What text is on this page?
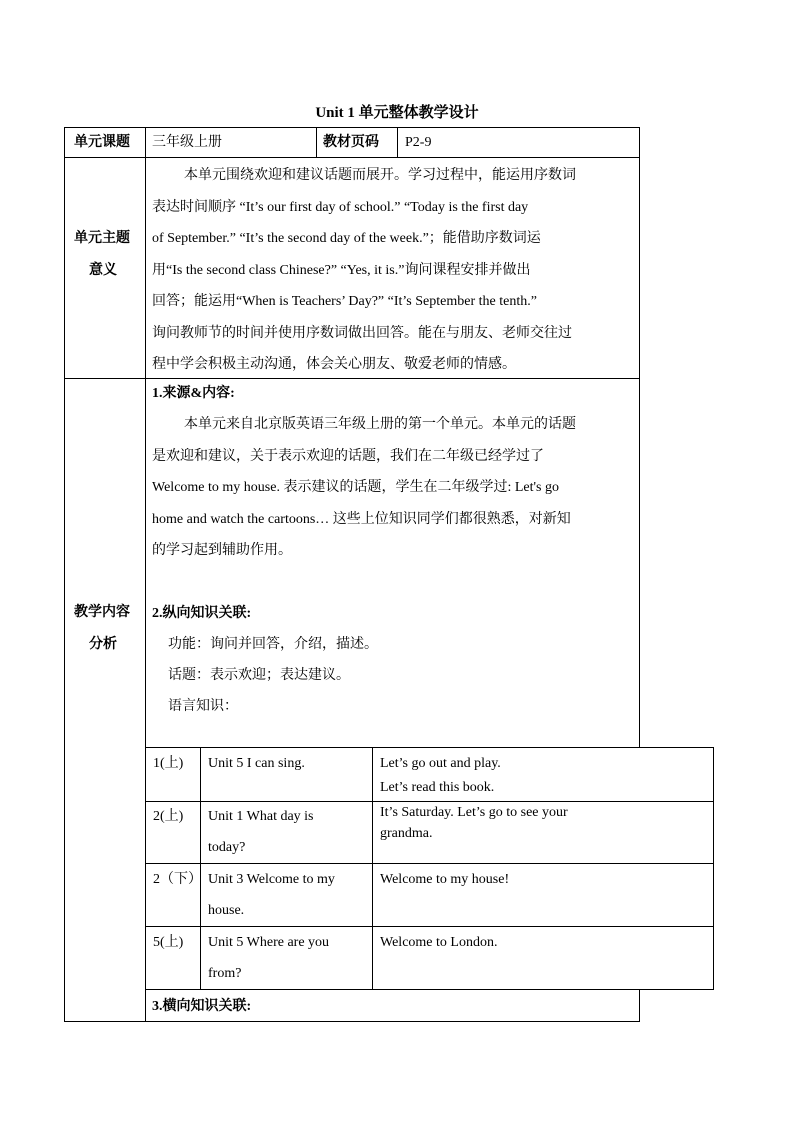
Unit 1 单元整体教学设计
单元课题 三年级上册	教材页码 P2-9
单元主题
意义

本单元围绕欢迎和建议话题而展开。学习过程中，能运用序数词

表达时间顺序 “It’s our first day of school.” “Today is the first day

of September.” “It’s the second day of the week.”；能借助序数词运

用“Is the second class Chinese?” “Yes, it is.”询问课程安排并做出

回答；能运用“When is Teachers’ Day?” “It’s September the tenth.”

询问教师节的时间并使用序数词做出回答。能在与朋友、老师交往过

程中学会积极主动沟通，体会关心朋友、敬爱老师的情感。

教学内容
分析
1.来源&内容:

本单元来自北京版英语三年级上册的第一个单元。本单元的话题

是欢迎和建议，关于表示欢迎的话题，我们在二年级已经学过了

Welcome to my house. 表示建议的话题，学生在二年级学过: Let's go

home and watch the cartoons… 这些上位知识同学们都很熟悉，对新知

的学习起到辅助作用。

2.纵向知识关联:
功能：询问并回答，介绍，描述。
话题：表示欢迎；表达建议。
语言知识：
1(上) Unit 5 I can sing.	Let’s go out and play.

Let’s read this book.

2(上) Unit 1 What day is

today?

It’s Saturday. Let’s go to see your

grandma.

2（下） Unit 3 Welcome to my

house.

Welcome to my house!
5(上) Unit 5 Where are you

from?

Welcome to London.
3.横向知识关联:
